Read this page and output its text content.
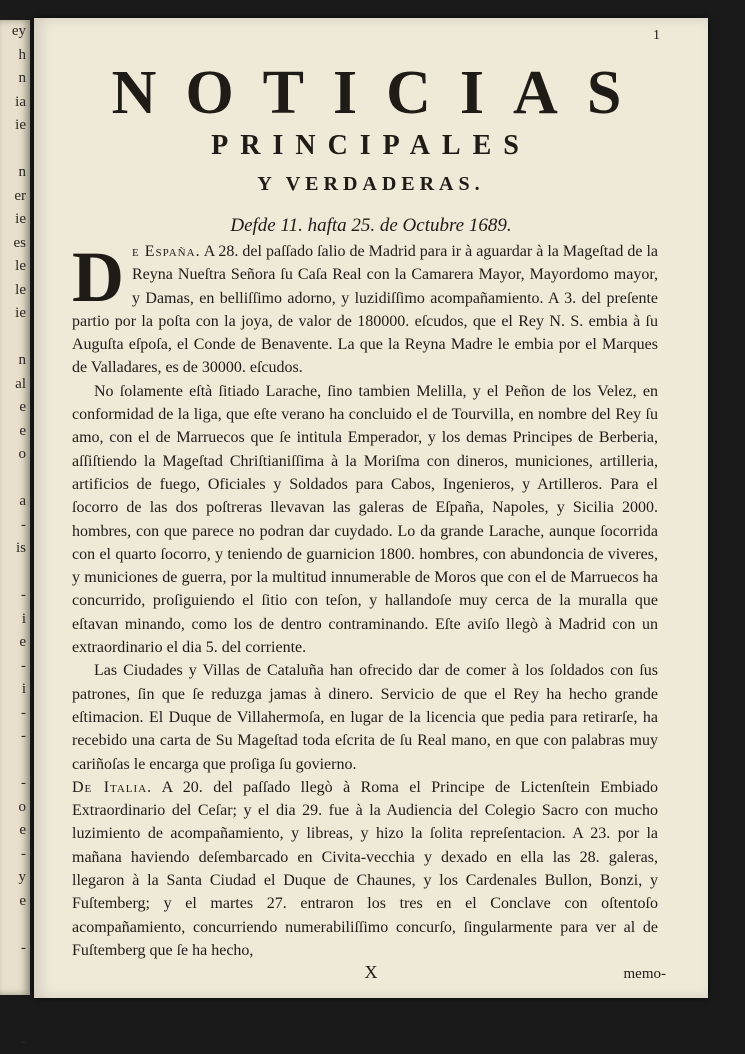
ey
h
n
ia
ie
n
er
ie
es
le
le
ie
n
al
e
e
o
a
-
is
-
i
e
-
i
-
-
-
o
e
-
y
e
-
-
1
NOTICIAS
PRINCIPALES
Y VERDADERAS.
Defde 11. hafta 25. de Octubre 1689.

De España. A 28. del paſſado ſalio de Madrid para ir à aguardar à la Mageſtad de la Reyna Nueſtra Señora ſu Caſa Real con la Camarera Mayor, Mayordomo mayor, y Damas, en belliſſimo adorno, y luzidiſſimo acompañamiento. A 3. del preſente partio por la poſta con la joya, de valor de 180000. eſcudos, que el Rey N. S. embia à ſu Auguſta eſpoſa, el Conde de Benavente. La que la Reyna Madre le embia por el Marques de Valladares, es de 30000. eſcudos.

No ſolamente eſtà ſitiado Larache, ſino tambien Melilla, y el Peñon de los Velez, en conformidad de la liga, que eſte verano ha concluido el de Tourvilla, en nombre del Rey ſu amo, con el de Marruecos que ſe intitula Emperador, y los demas Principes de Berberia, aſſiſtiendo la Mageſtad Chriſtianiſſima à la Moriſma con dineros, municiones, artilleria, artificios de fuego, Oficiales y Soldados para Cabos, Ingenieros, y Artilleros. Para el ſocorro de las dos poſtreras llevavan las galeras de Eſpaña, Napoles, y Sicilia 2000. hombres, con que parece no podran dar cuydado. Lo da grande Larache, aunque ſocorrida con el quarto ſocorro, y teniendo de guarnicion 1800. hombres, con abundoncia de viveres, y municiones de guerra, por la multitud innumerable de Moros que con el de Marruecos ha concurrido, proſiguiendo el ſitio con teſon, y hallandoſe muy cerca de la muralla que eſtavan minando, como los de dentro contraminando. Eſte aviſo llegò à Madrid con un extraordinario el dia 5. del corriente.

Las Ciudades y Villas de Cataluña han ofrecido dar de comer à los ſoldados con ſus patrones, ſin que ſe reduzga jamas à dinero. Servicio de que el Rey ha hecho grande eſtimacion. El Duque de Villahermoſa, en lugar de la licencia que pedia para retirarſe, ha recebido una carta de Su Mageſtad toda eſcrita de ſu Real mano, en que con palabras muy cariñoſas le encarga que proſiga ſu govierno.

De Italia. A 20. del paſſado llegò à Roma el Principe de Lictenſtein Embiado Extraordinario del Ceſar; y el dia 29. fue à la Audiencia del Colegio Sacro con mucho luzimiento de acompañamiento, y libreas, y hizo la ſolita repreſentacion. A 23. por la mañana haviendo deſembarcado en Civita-vecchia y dexado en ella las 28. galeras, llegaron à la Santa Ciudad el Duque de Chaunes, y los Cardenales Bullon, Bonzi, y Fuſtemberg; y el martes 27. entraron los tres en el Conclave con oſtentoſo acompañamiento, concurriendo numerabiliſſimo concurſo, ſingularmente para ver al de Fuſtemberg que ſe ha hecho,

X	memo-
